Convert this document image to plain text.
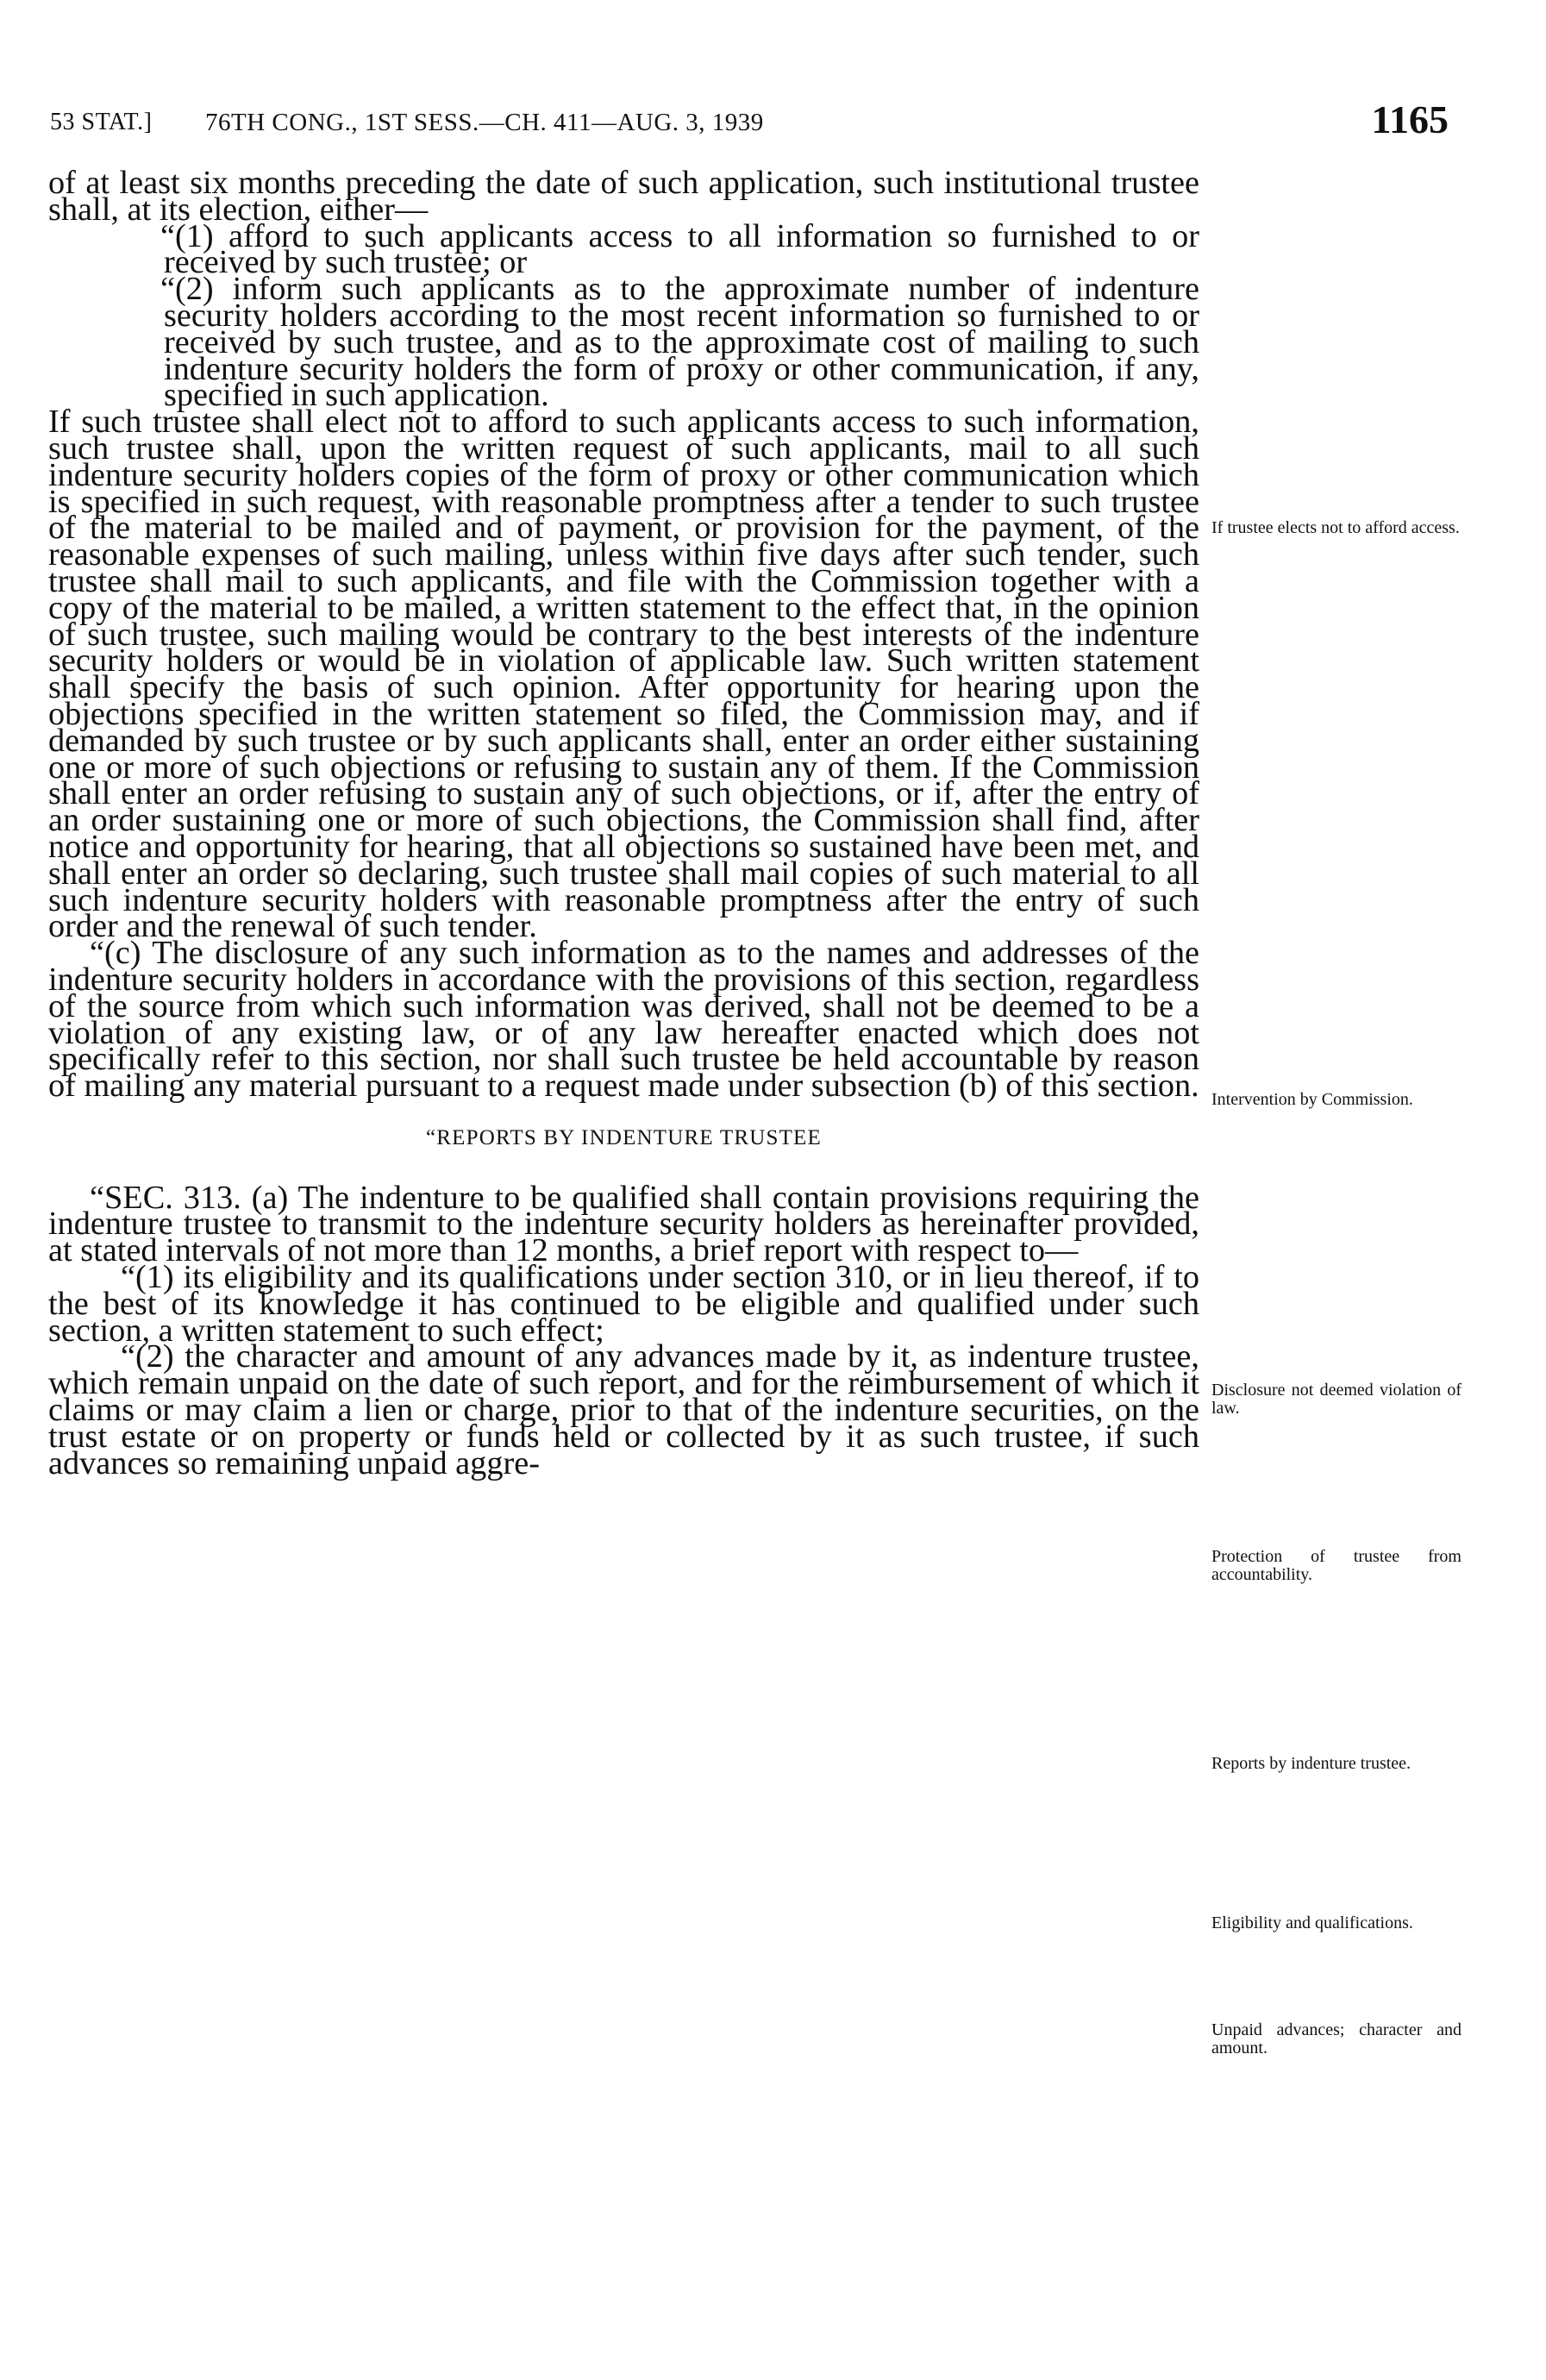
53 STAT.] 76TH CONG., 1ST SESS.—CH. 411—AUG. 3, 1939	1165

of at least six months preceding the date of such application, such institutional trustee shall, at its election, either—

“(1) afford to such applicants access to all information so furnished to or received by such trustee; or

“(2) inform such applicants as to the approximate number of indenture security holders according to the most recent information so furnished to or received by such trustee, and as to the approximate cost of mailing to such indenture security holders the form of proxy or other communication, if any, specified in such application.

If such trustee shall elect not to afford to such applicants access to such information, such trustee shall, upon the written request of such applicants, mail to all such indenture security holders copies of the form of proxy or other communication which is specified in such request, with reasonable promptness after a tender to such trustee of the material to be mailed and of payment, or provision for the payment, of the reasonable expenses of such mailing, unless within five days after such tender, such trustee shall mail to such applicants, and file with the Commission together with a copy of the material to be mailed, a written statement to the effect that, in the opinion of such trustee, such mailing would be contrary to the best interests of the indenture security holders or would be in violation of applicable law. Such written statement shall specify the basis of such opinion. After opportunity for hearing upon the objections specified in the written statement so filed, the Commission may, and if demanded by such trustee or by such applicants shall, enter an order either sustaining one or more of such objections or refusing to sustain any of them. If the Commission shall enter an order refusing to sustain any of such objections, or if, after the entry of an order sustaining one or more of such objections, the Commission shall find, after notice and opportunity for hearing, that all objections so sustained have been met, and shall enter an order so declaring, such trustee shall mail copies of such material to all such indenture security holders with reasonable promptness after the entry of such order and the renewal of such tender.

“(c) The disclosure of any such information as to the names and addresses of the indenture security holders in accordance with the provisions of this section, regardless of the source from which such information was derived, shall not be deemed to be a violation of any existing law, or of any law hereafter enacted which does not specifically refer to this section, nor shall such trustee be held accountable by reason of mailing any material pursuant to a request made under subsection (b) of this section.

“REPORTS BY INDENTURE TRUSTEE

“SEC. 313. (a) The indenture to be qualified shall contain provisions requiring the indenture trustee to transmit to the indenture security holders as hereinafter provided, at stated intervals of not more than 12 months, a brief report with respect to—

“(1) its eligibility and its qualifications under section 310, or in lieu thereof, if to the best of its knowledge it has continued to be eligible and qualified under such section, a written statement to such effect;

“(2) the character and amount of any advances made by it, as indenture trustee, which remain unpaid on the date of such report, and for the reimbursement of which it claims or may claim a lien or charge, prior to that of the indenture securities, on the trust estate or on property or funds held or collected by it as such trustee, if such advances so remaining unpaid aggre-

If trustee elects not to afford access.
Intervention by Commission.
Disclosure not deemed violation of law.
Protection of trustee from accountability.
Reports by indenture trustee.
Eligibility and qualifications.
Unpaid advances; character and amount.
